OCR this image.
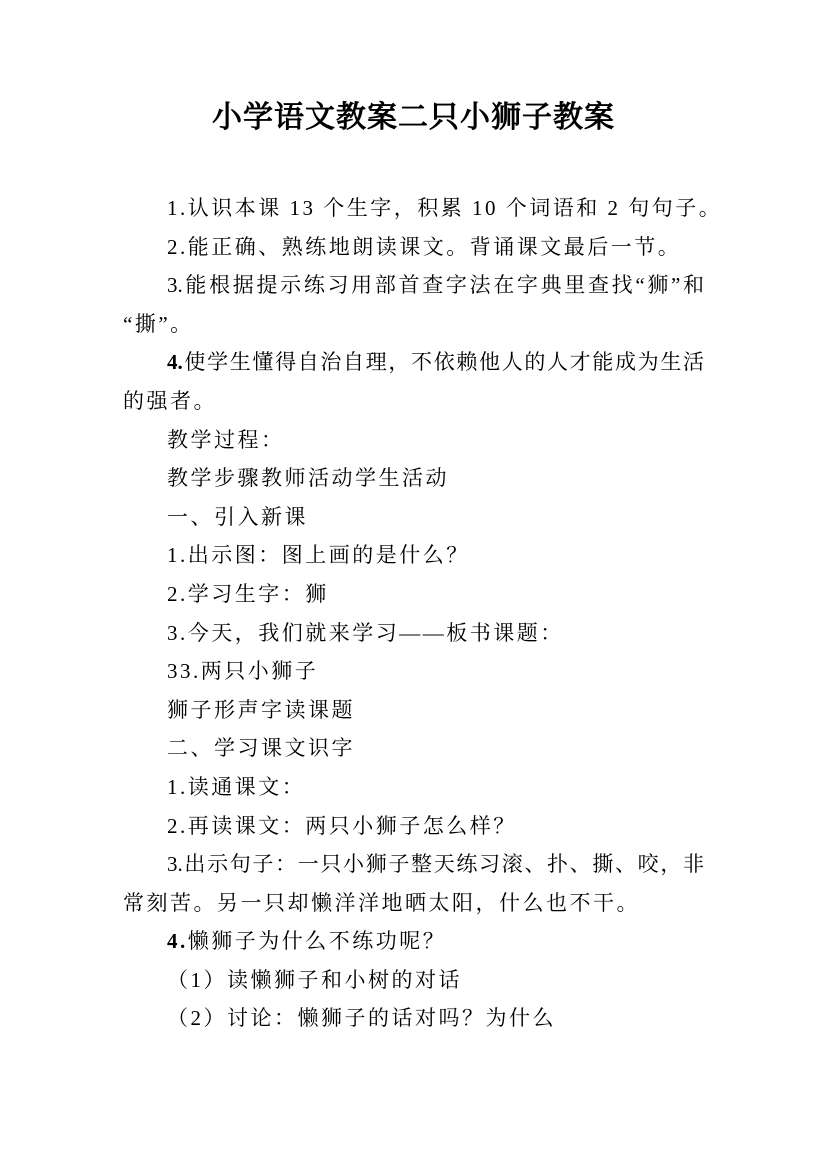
小学语文教案二只小狮子教案
1.认识本课 13 个生字，积累 10 个词语和 2 句句子。
2.能正确、熟练地朗读课文。背诵课文最后一节。
3.能根据提示练习用部首查字法在字典里查找“狮”和
“撕”。
4.使学生懂得自治自理，不依赖他人的人才能成为生活
的强者。
教学过程：
教学步骤教师活动学生活动
一、引入新课
1.出示图：图上画的是什么？
2.学习生字：狮
3.今天，我们就来学习——板书课题：
33.两只小狮子
狮子形声字读课题
二、学习课文识字
1.读通课文：
2.再读课文：两只小狮子怎么样？
3.出示句子：一只小狮子整天练习滚、扑、撕、咬，非
常刻苦。另一只却懒洋洋地晒太阳，什么也不干。
4.懒狮子为什么不练功呢？
（1）读懒狮子和小树的对话
（2）讨论：懒狮子的话对吗？为什么
